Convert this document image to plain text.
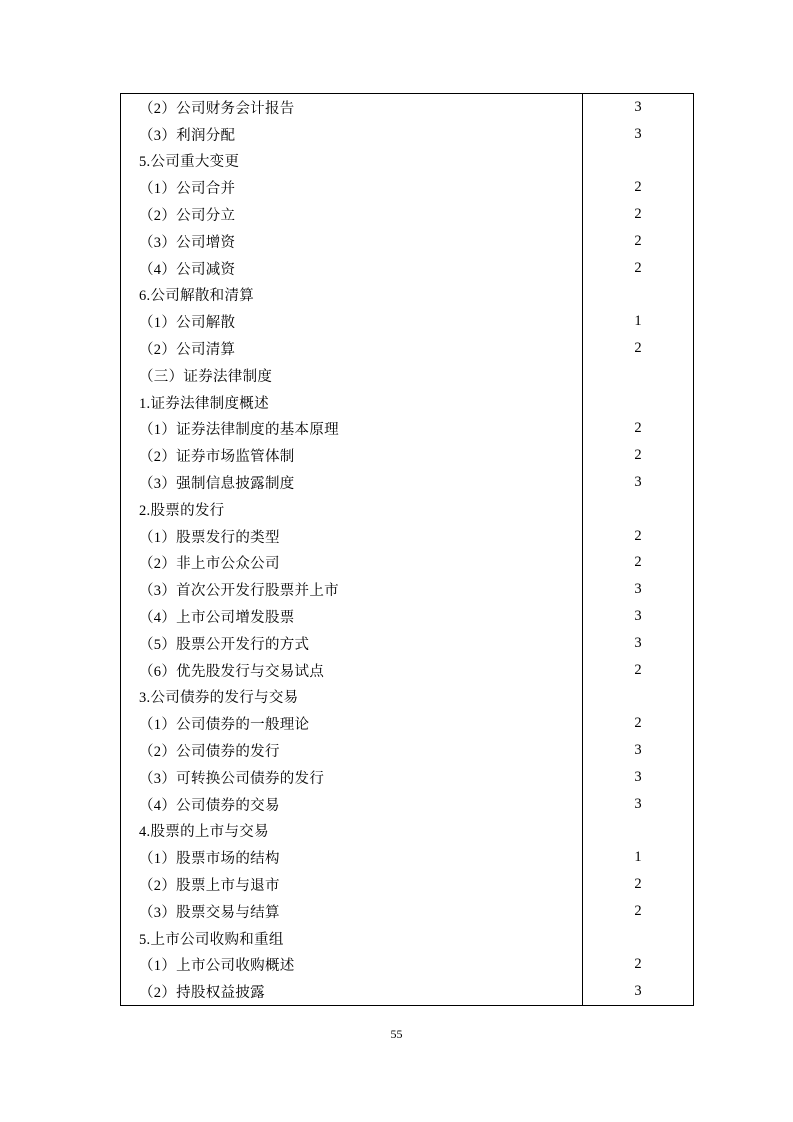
（2）公司财务会计报告	3
（3）利润分配	3
5.公司重大变更	
（1）公司合并	2
（2）公司分立	2
（3）公司增资	2
（4）公司减资	2
6.公司解散和清算	
（1）公司解散	1
（2）公司清算	2
（三）证券法律制度	
1.证券法律制度概述	
（1）证券法律制度的基本原理	2
（2）证券市场监管体制	2
（3）强制信息披露制度	3
2.股票的发行	
（1）股票发行的类型	2
（2）非上市公众公司	2
（3）首次公开发行股票并上市	3
（4）上市公司增发股票	3
（5）股票公开发行的方式	3
（6）优先股发行与交易试点	2
3.公司债券的发行与交易	
（1）公司债券的一般理论	2
（2）公司债券的发行	3
（3）可转换公司债券的发行	3
（4）公司债券的交易	3
4.股票的上市与交易	
（1）股票市场的结构	1
（2）股票上市与退市	2
（3）股票交易与结算	2
5.上市公司收购和重组	
（1）上市公司收购概述	2
（2）持股权益披露	3
55
